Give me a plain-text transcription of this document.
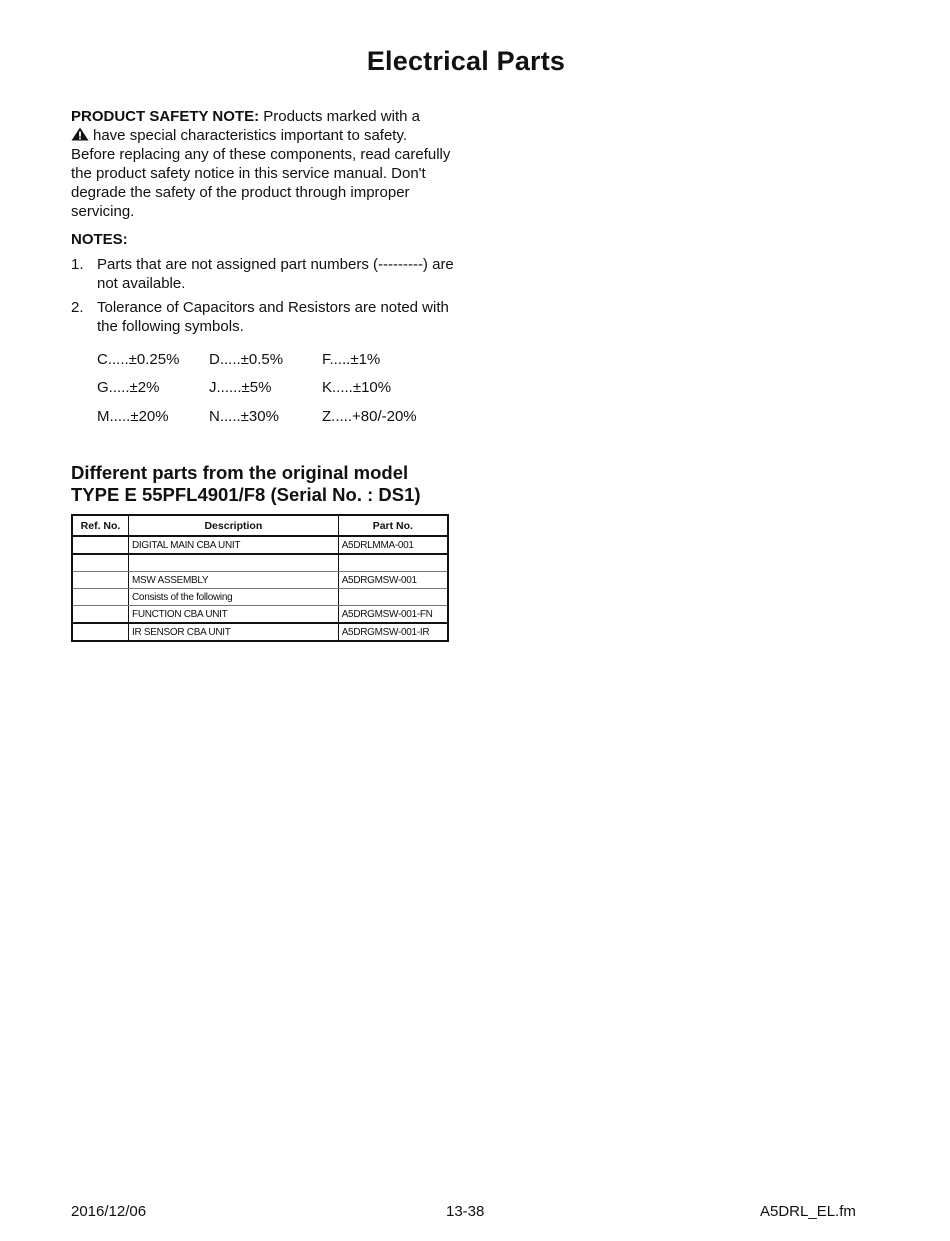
Electrical Parts
PRODUCT SAFETY NOTE: Products marked with a
have special characteristics important to safety.
Before replacing any of these components, read carefully the product safety notice in this service manual. Don't degrade the safety of the product through improper servicing.
NOTES:
1. Parts that are not assigned part numbers (---------) are not available.
2. Tolerance of Capacitors and Resistors are noted with the following symbols.
C.....±0.25% D.....±0.5%	F.....±1%
G.....±2%	J......±5%	K.....±10%
M.....±20%	N.....±30%	Z.....+80/-20%
Different parts from the original model
TYPE E 55PFL4901/F8 (Serial No. : DS1)
Ref. No.	Description	Part No.
	DIGITAL MAIN CBA UNIT	A5DRLMMA-001

	MSW ASSEMBLY	A5DRGMSW-001
	Consists of the following	
	FUNCTION CBA UNIT	A5DRGMSW-001-FN
	IR SENSOR CBA UNIT	A5DRGMSW-001-IR
2016/12/06	13-38	A5DRL_EL.fm
